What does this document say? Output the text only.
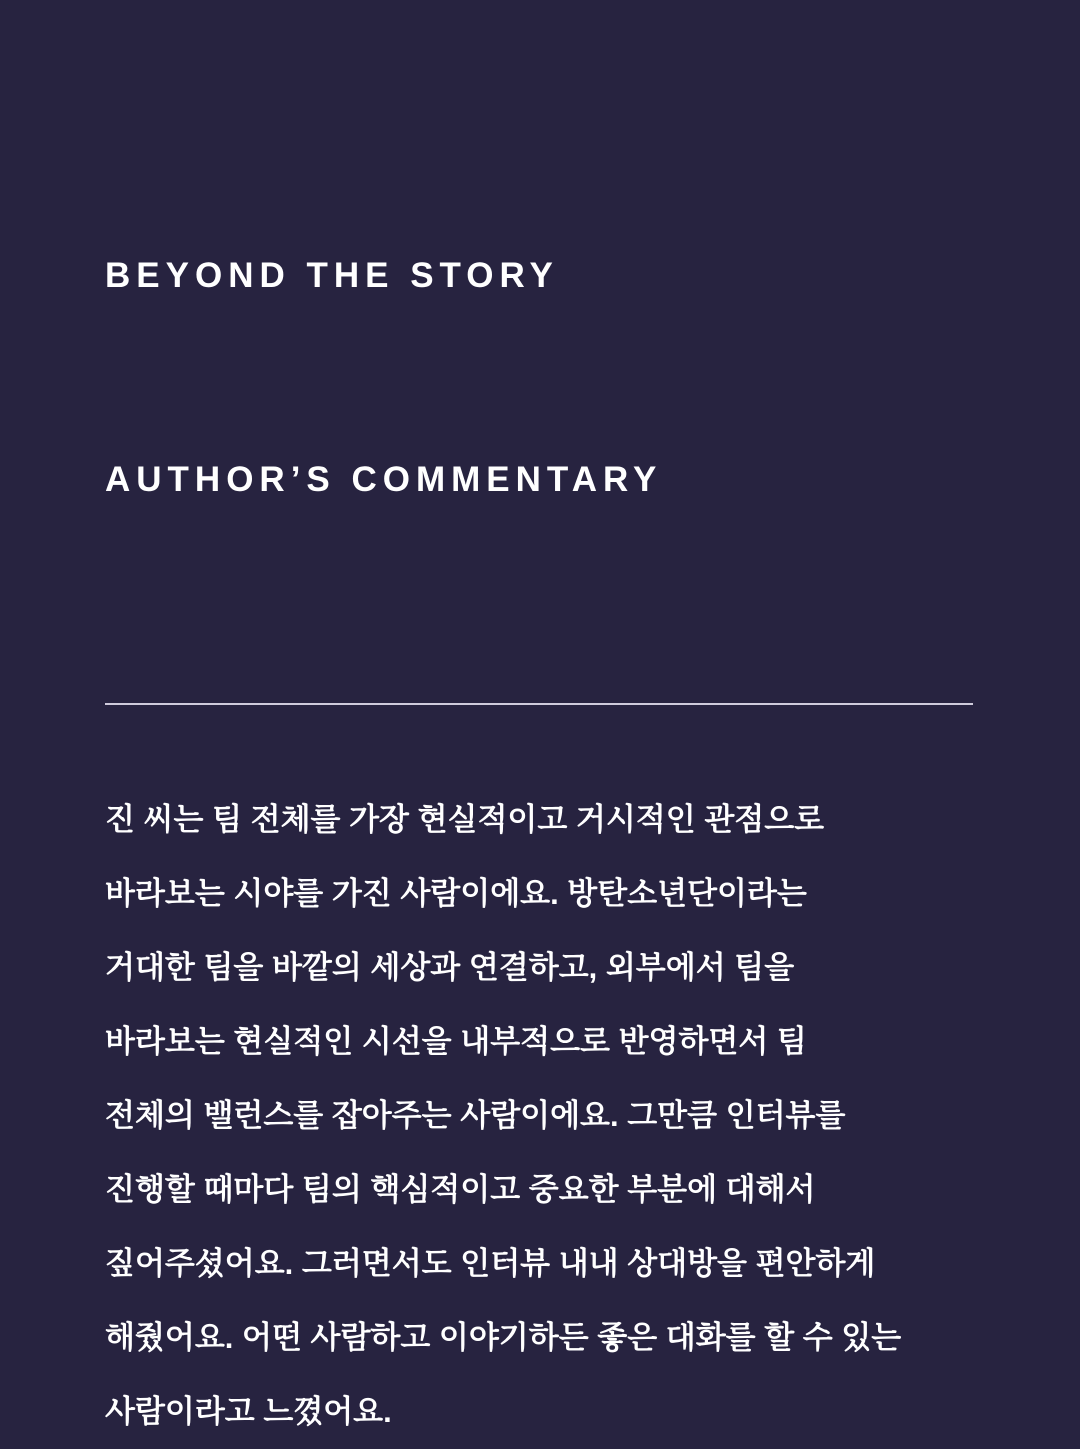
BEYOND THE STORY

AUTHOR’S COMMENTARY

진 씨는 팀 전체를 가장 현실적이고 거시적인 관점으로
바라보는 시야를 가진 사람이에요. 방탄소년단이라는
거대한 팀을 바깥의 세상과 연결하고, 외부에서 팀을
바라보는 현실적인 시선을 내부적으로 반영하면서 팀
전체의 밸런스를 잡아주는 사람이에요. 그만큼 인터뷰를
진행할 때마다 팀의 핵심적이고 중요한 부분에 대해서
짚어주셨어요. 그러면서도 인터뷰 내내 상대방을 편안하게
해줬어요. 어떤 사람하고 이야기하든 좋은 대화를 할 수 있는
사람이라고 느꼈어요.
